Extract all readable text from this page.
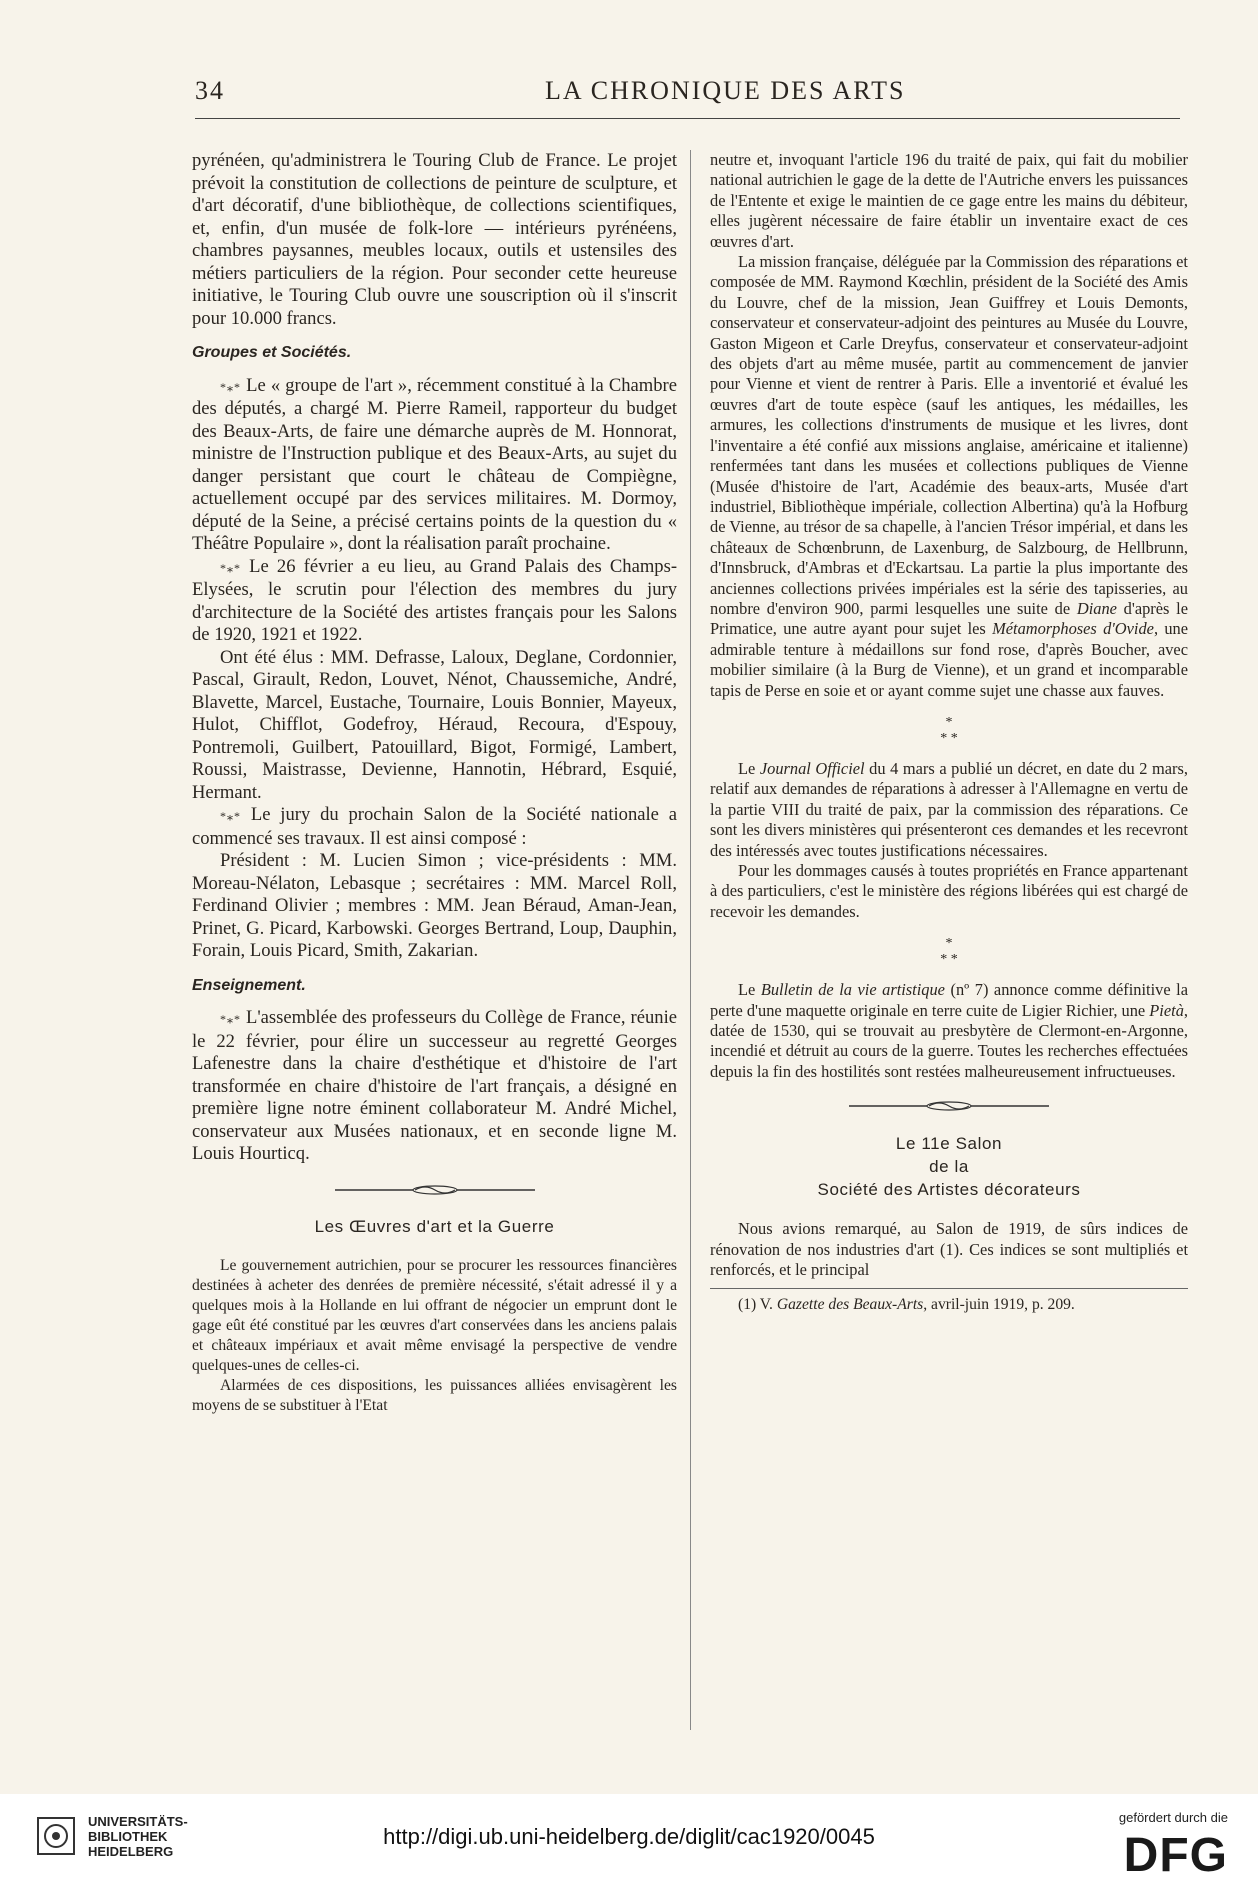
34	LA CHRONIQUE DES ARTS

pyrénéen, qu'administrera le Touring Club de France. Le projet prévoit la constitution de collections de peinture de sculpture, et d'art décoratif, d'une bibliothèque, de collections scientifiques, et, enfin, d'un musée de folk-lore — intérieurs pyrénéens, chambres paysannes, meubles locaux, outils et ustensiles des métiers particuliers de la région. Pour seconder cette heureuse initiative, le Touring Club ouvre une souscription où il s'inscrit pour 10.000 francs.

Groupes et Sociétés.

*⁎* Le « groupe de l'art », récemment constitué à la Chambre des députés, a chargé M. Pierre Rameil, rapporteur du budget des Beaux-Arts, de faire une démarche auprès de M. Honnorat, ministre de l'Instruction publique et des Beaux-Arts, au sujet du danger persistant que court le château de Compiègne, actuellement occupé par des services militaires. M. Dormoy, député de la Seine, a précisé certains points de la question du « Théâtre Populaire », dont la réalisation paraît prochaine.

*⁎* Le 26 février a eu lieu, au Grand Palais des Champs-Elysées, le scrutin pour l'élection des membres du jury d'architecture de la Société des artistes français pour les Salons de 1920, 1921 et 1922.

Ont été élus : MM. Defrasse, Laloux, Deglane, Cordonnier, Pascal, Girault, Redon, Louvet, Nénot, Chaussemiche, André, Blavette, Marcel, Eustache, Tournaire, Louis Bonnier, Mayeux, Hulot, Chifflot, Godefroy, Héraud, Recoura, d'Espouy, Pontremoli, Guilbert, Patouillard, Bigot, Formigé, Lambert, Roussi, Maistrasse, Devienne, Hannotin, Hébrard, Esquié, Hermant.

*⁎* Le jury du prochain Salon de la Société nationale a commencé ses travaux. Il est ainsi composé :

Président : M. Lucien Simon ; vice-présidents : MM. Moreau-Nélaton, Lebasque ; secrétaires : MM. Marcel Roll, Ferdinand Olivier ; membres : MM. Jean Béraud, Aman-Jean, Prinet, G. Picard, Karbowski. Georges Bertrand, Loup, Dauphin, Forain, Louis Picard, Smith, Zakarian.

Enseignement.

*⁎* L'assemblée des professeurs du Collège de France, réunie le 22 février, pour élire un successeur au regretté Georges Lafenestre dans la chaire d'esthétique et d'histoire de l'art transformée en chaire d'histoire de l'art français, a désigné en première ligne notre éminent collaborateur M. André Michel, conservateur aux Musées nationaux, et en seconde ligne M. Louis Hourticq.

Les Œuvres d'art et la Guerre

Le gouvernement autrichien, pour se procurer les ressources financières destinées à acheter des denrées de première nécessité, s'était adressé il y a quelques mois à la Hollande en lui offrant de négocier un emprunt dont le gage eût été constitué par les œuvres d'art conservées dans les anciens palais et châteaux impériaux et avait même envisagé la perspective de vendre quelques-unes de celles-ci.

Alarmées de ces dispositions, les puissances alliées envisagèrent les moyens de se substituer à l'Etat

neutre et, invoquant l'article 196 du traité de paix, qui fait du mobilier national autrichien le gage de la dette de l'Autriche envers les puissances de l'Entente et exige le maintien de ce gage entre les mains du débiteur, elles jugèrent nécessaire de faire établir un inventaire exact de ces œuvres d'art.

La mission française, déléguée par la Commission des réparations et composée de MM. Raymond Kœchlin, président de la Société des Amis du Louvre, chef de la mission, Jean Guiffrey et Louis Demonts, conservateur et conservateur-adjoint des peintures au Musée du Louvre, Gaston Migeon et Carle Dreyfus, conservateur et conservateur-adjoint des objets d'art au même musée, partit au commencement de janvier pour Vienne et vient de rentrer à Paris. Elle a inventorié et évalué les œuvres d'art de toute espèce (sauf les antiques, les médailles, les armures, les collections d'instruments de musique et les livres, dont l'inventaire a été confié aux missions anglaise, américaine et italienne) renfermées tant dans les musées et collections publiques de Vienne (Musée d'histoire de l'art, Académie des beaux-arts, Musée d'art industriel, Bibliothèque impériale, collection Albertina) qu'à la Hofburg de Vienne, au trésor de sa chapelle, à l'ancien Trésor impérial, et dans les châteaux de Schœnbrunn, de Laxenburg, de Salzbourg, de Hellbrunn, d'Innsbruck, d'Ambras et d'Eckartsau. La partie la plus importante des anciennes collections privées impériales est la série des tapisseries, au nombre d'environ 900, parmi lesquelles une suite de Diane d'après le Primatice, une autre ayant pour sujet les Métamorphoses d'Ovide, une admirable tenture à médaillons sur fond rose, d'après Boucher, avec mobilier similaire (à la Burg de Vienne), et un grand et incomparable tapis de Perse en soie et or ayant comme sujet une chasse aux fauves.

*
* *

Le Journal Officiel du 4 mars a publié un décret, en date du 2 mars, relatif aux demandes de réparations à adresser à l'Allemagne en vertu de la partie VIII du traité de paix, par la commission des réparations. Ce sont les divers ministères qui présenteront ces demandes et les recevront des intéressés avec toutes justifications nécessaires.

Pour les dommages causés à toutes propriétés en France appartenant à des particuliers, c'est le ministère des régions libérées qui est chargé de recevoir les demandes.

*
* *

Le Bulletin de la vie artistique (nº 7) annonce comme définitive la perte d'une maquette originale en terre cuite de Ligier Richier, une Pietà, datée de 1530, qui se trouvait au presbytère de Clermont-en-Argonne, incendié et détruit au cours de la guerre. Toutes les recherches effectuées depuis la fin des hostilités sont restées malheureusement infructueuses.

Le 11e Salon
de la
Société des Artistes décorateurs

Nous avions remarqué, au Salon de 1919, de sûrs indices de rénovation de nos industries d'art (1). Ces indices se sont multipliés et renforcés, et le principal

(1) V. Gazette des Beaux-Arts, avril-juin 1919, p. 209.

UNIVERSITÄTS-
BIBLIOTHEK
HEIDELBERG
http://digi.ub.uni-heidelberg.de/diglit/cac1920/0045
gefördert durch die
DFG
